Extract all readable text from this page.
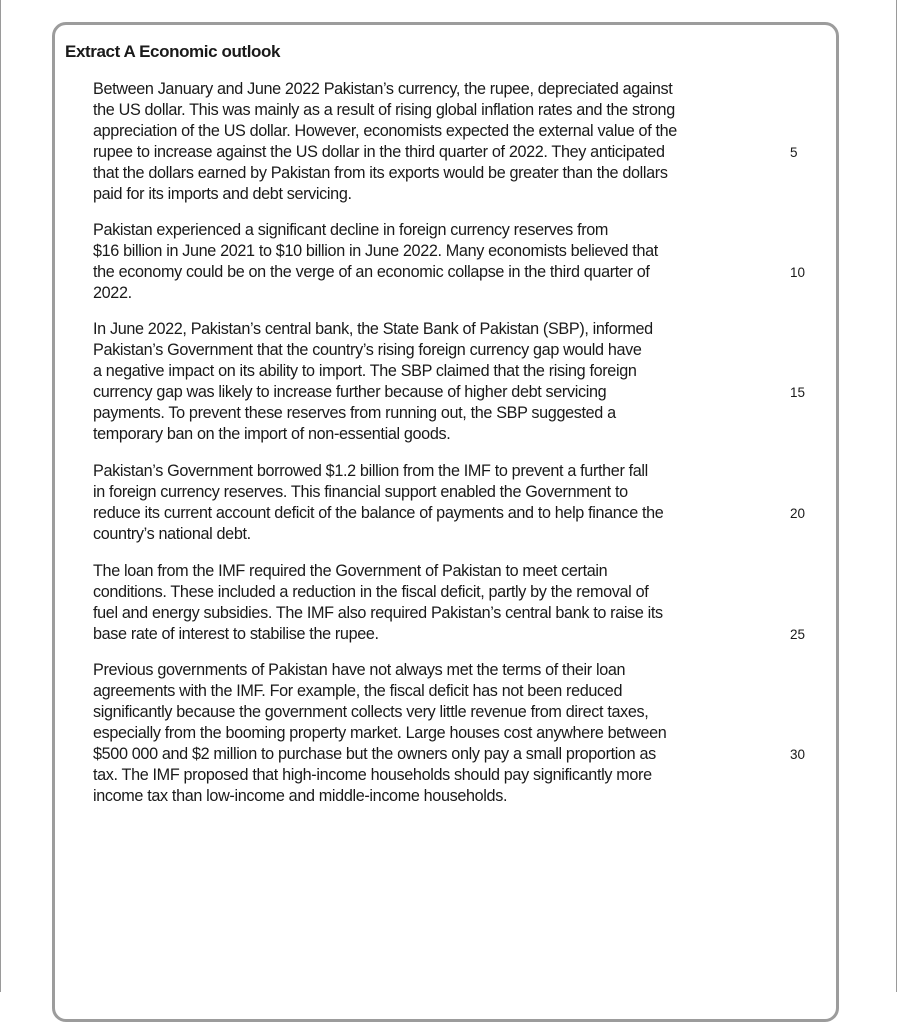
Extract A Economic outlook
Between January and June 2022 Pakistan’s currency, the rupee, depreciated against
the US dollar. This was mainly as a result of rising global inflation rates and the strong
appreciation of the US dollar. However, economists expected the external value of the
rupee to increase against the US dollar in the third quarter of 2022. They anticipated	5
that the dollars earned by Pakistan from its exports would be greater than the dollars
paid for its imports and debt servicing.
Pakistan experienced a significant decline in foreign currency reserves from
$16 billion in June 2021 to $10 billion in June 2022. Many economists believed that
the economy could be on the verge of an economic collapse in the third quarter of	10
2022.
In June 2022, Pakistan’s central bank, the State Bank of Pakistan (SBP), informed
Pakistan’s Government that the country’s rising foreign currency gap would have
a negative impact on its ability to import. The SBP claimed that the rising foreign
currency gap was likely to increase further because of higher debt servicing	15
payments. To prevent these reserves from running out, the SBP suggested a
temporary ban on the import of non-essential goods.
Pakistan’s Government borrowed $1.2 billion from the IMF to prevent a further fall
in foreign currency reserves. This financial support enabled the Government to
reduce its current account deficit of the balance of payments and to help finance the	20
country’s national debt.
The loan from the IMF required the Government of Pakistan to meet certain
conditions. These included a reduction in the fiscal deficit, partly by the removal of
fuel and energy subsidies. The IMF also required Pakistan’s central bank to raise its
base rate of interest to stabilise the rupee.	25
Previous governments of Pakistan have not always met the terms of their loan
agreements with the IMF. For example, the fiscal deficit has not been reduced
significantly because the government collects very little revenue from direct taxes,
especially from the booming property market. Large houses cost anywhere between
$500 000 and $2 million to purchase but the owners only pay a small proportion as	30
tax. The IMF proposed that high-income households should pay significantly more
income tax than low-income and middle-income households.
